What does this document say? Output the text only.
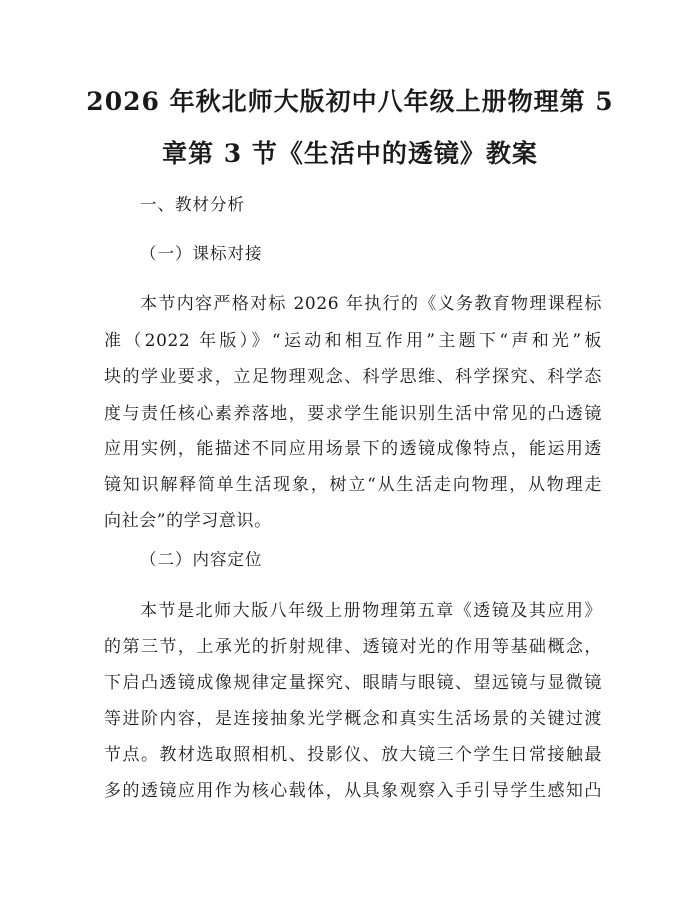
2026 年秋北师大版初中八年级上册物理第 5
章第 3 节《生活中的透镜》教案
一、教材分析
（一）课标对接
本节内容严格对标 2026 年执行的《义务教育物理课程标
准（2022 年版）》“运动和相互作用”主题下“声和光”板
块的学业要求，立足物理观念、科学思维、科学探究、科学态
度与责任核心素养落地，要求学生能识别生活中常见的凸透镜
应用实例，能描述不同应用场景下的透镜成像特点，能运用透
镜知识解释简单生活现象，树立“从生活走向物理，从物理走
向社会”的学习意识。
（二）内容定位
本节是北师大版八年级上册物理第五章《透镜及其应用》
的第三节，上承光的折射规律、透镜对光的作用等基础概念，
下启凸透镜成像规律定量探究、眼睛与眼镜、望远镜与显微镜
等进阶内容，是连接抽象光学概念和真实生活场景的关键过渡
节点。教材选取照相机、投影仪、放大镜三个学生日常接触最
多的透镜应用作为核心载体，从具象观察入手引导学生感知凸
